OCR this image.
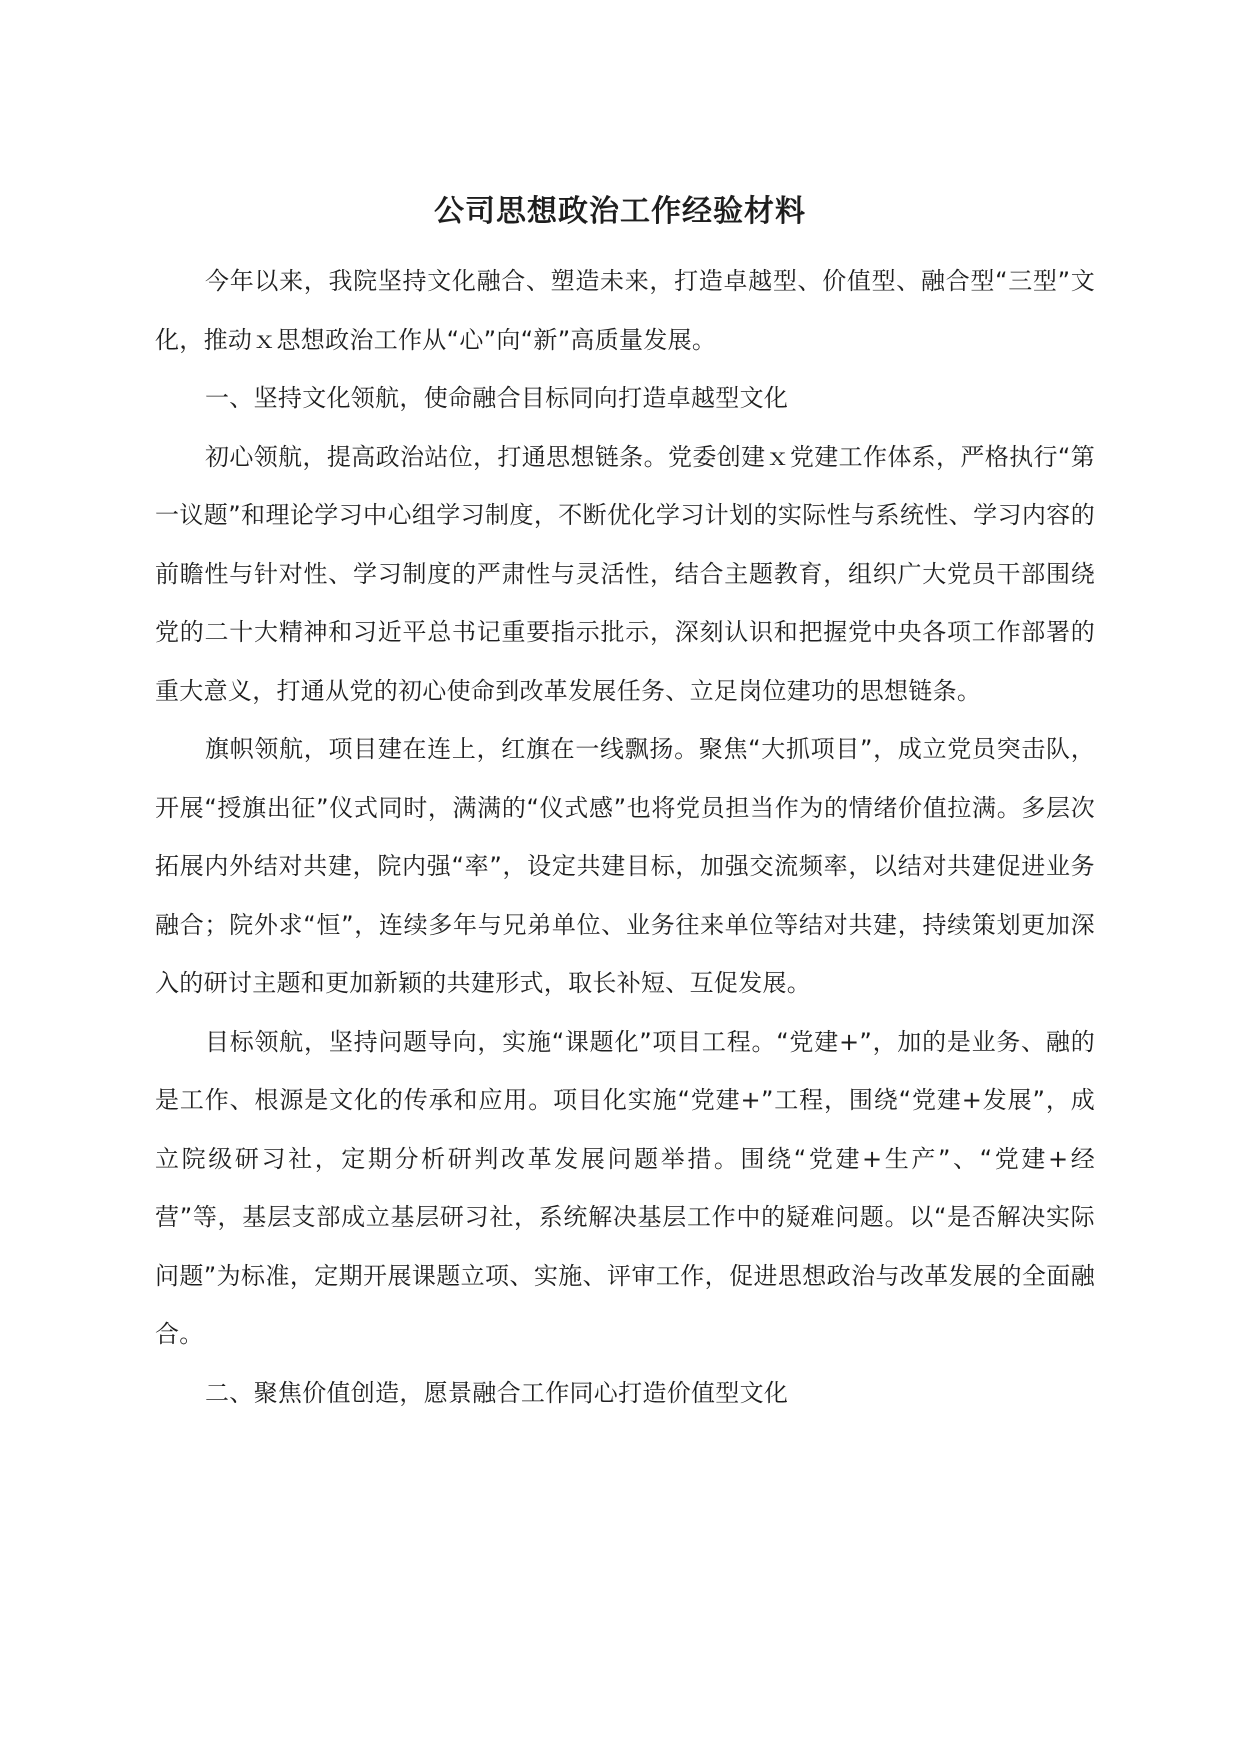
公司思想政治工作经验材料

今年以来，我院坚持文化融合、塑造未来，打造卓越型、价值型、融合型“三型”文化，推动ｘ思想政治工作从“心”向“新”高质量发展。

一、坚持文化领航，使命融合目标同向打造卓越型文化

初心领航，提高政治站位，打通思想链条。党委创建ｘ党建工作体系，严格执行“第一议题”和理论学习中心组学习制度，不断优化学习计划的实际性与系统性、学习内容的前瞻性与针对性、学习制度的严肃性与灵活性，结合主题教育，组织广大党员干部围绕党的二十大精神和习近平总书记重要指示批示，深刻认识和把握党中央各项工作部署的重大意义，打通从党的初心使命到改革发展任务、立足岗位建功的思想链条。

旗帜领航，项目建在连上，红旗在一线飘扬。聚焦“大抓项目”，成立党员突击队，开展“授旗出征”仪式同时，满满的“仪式感”也将党员担当作为的情绪价值拉满。多层次拓展内外结对共建，院内强“率”，设定共建目标，加强交流频率，以结对共建促进业务融合；院外求“恒”，连续多年与兄弟单位、业务往来单位等结对共建，持续策划更加深入的研讨主题和更加新颖的共建形式，取长补短、互促发展。

目标领航，坚持问题导向，实施“课题化”项目工程。“党建+”，加的是业务、融的是工作、根源是文化的传承和应用。项目化实施“党建+”工程，围绕“党建+发展”，成立院级研习社，定期分析研判改革发展问题举措。围绕“党建+生产”、“党建+经营”等，基层支部成立基层研习社，系统解决基层工作中的疑难问题。以“是否解决实际问题”为标准，定期开展课题立项、实施、评审工作，促进思想政治与改革发展的全面融合。

二、聚焦价值创造，愿景融合工作同心打造价值型文化
